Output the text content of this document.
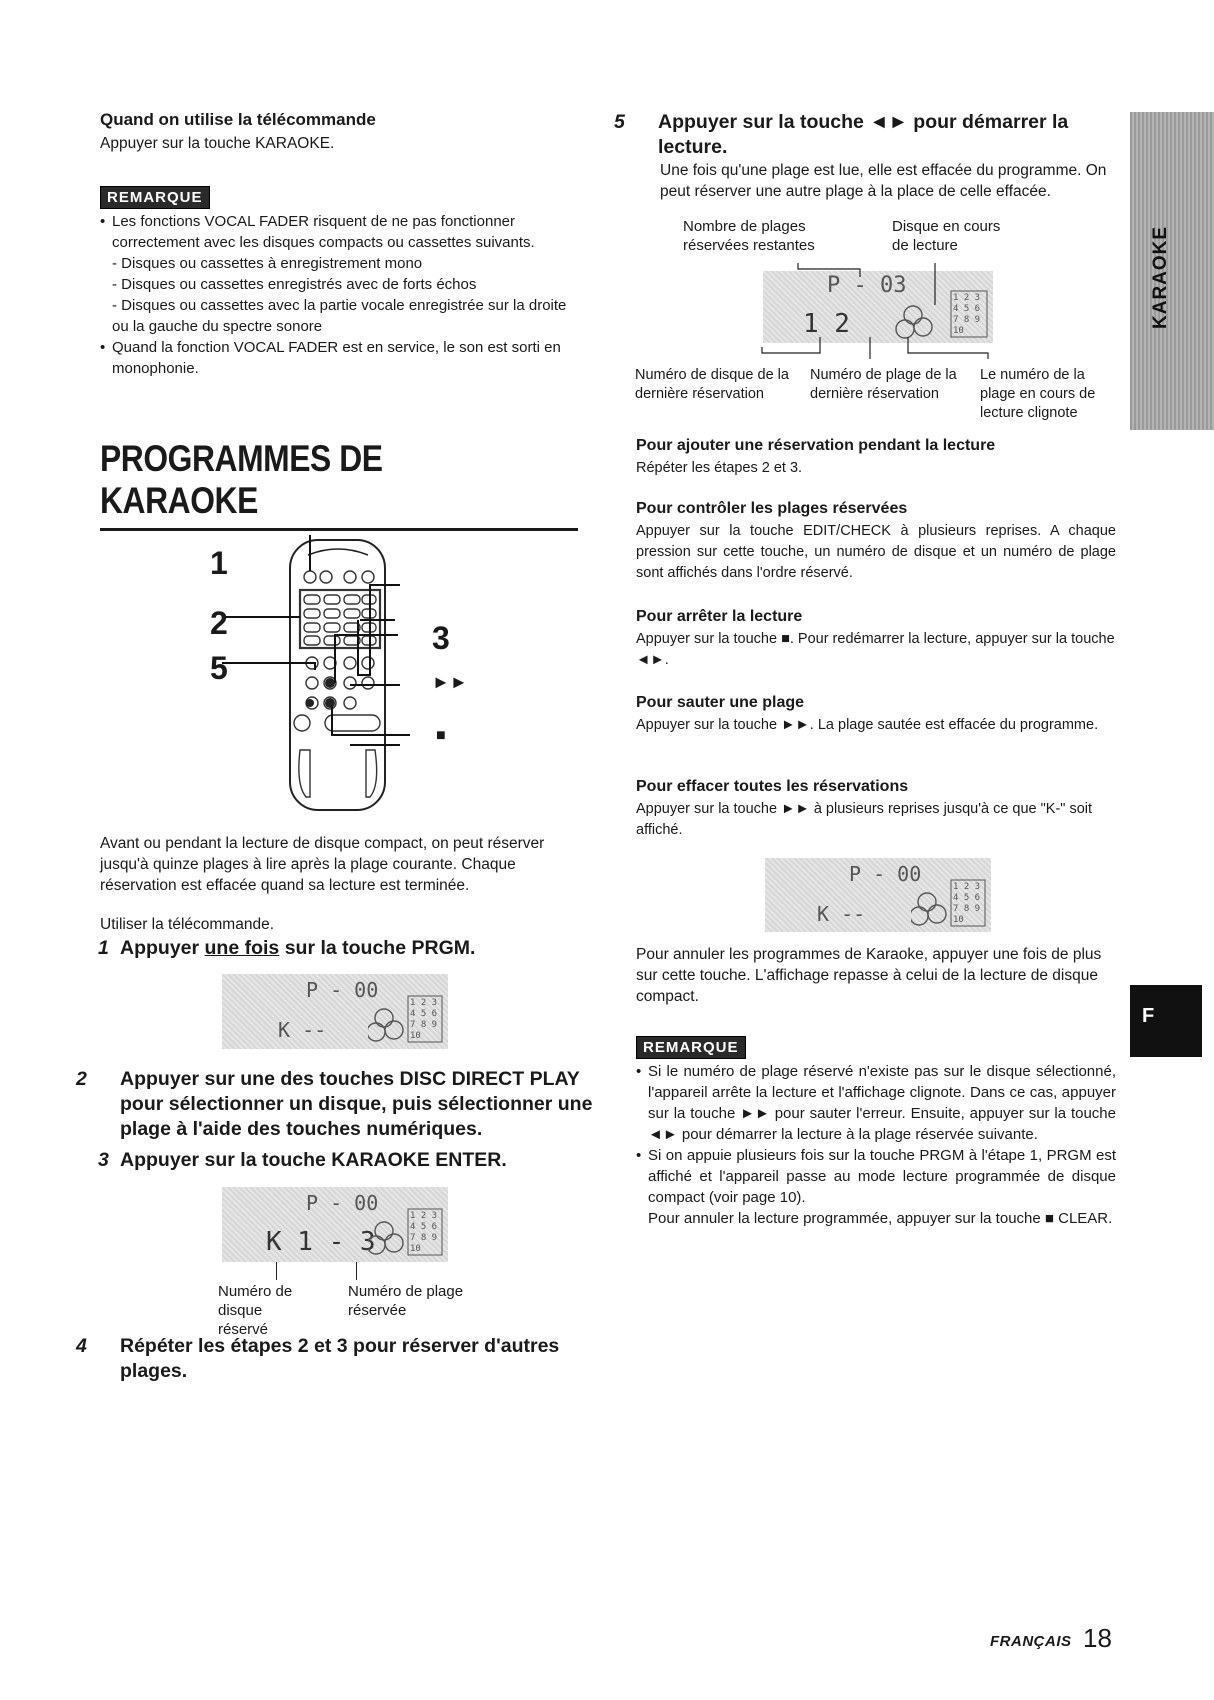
Quand on utilise la télécommande
Appuyer sur la touche KARAOKE.
REMARQUE
• Les fonctions VOCAL FADER risquent de ne pas fonctionner correctement avec les disques compacts ou cassettes suivants.
- Disques ou cassettes à enregistrement mono
- Disques ou cassettes enregistrés avec de forts échos
- Disques ou cassettes avec la partie vocale enregistrée sur la droite ou la gauche du spectre sonore
• Quand la fonction VOCAL FADER est en service, le son est sorti en monophonie.
PROGRAMMES DE KARAOKE
1
2
5
3
►►
■
Avant ou pendant la lecture de disque compact, on peut réserver jusqu'à quinze plages à lire après la plage courante. Chaque réservation est effacée quand sa lecture est terminée.
Utiliser la télécommande.
1 Appuyer une fois sur la touche PRGM.
P - 00
K --
1 2 3 4 5 6 7 8 9 10
2 Appuyer sur une des touches DISC DIRECT PLAY pour sélectionner un disque, puis sélectionner une plage à l'aide des touches numériques.
3 Appuyer sur la touche KARAOKE ENTER.
P - 00
K 1 - 3
1 2 3 4 5 6 7 8 9 10
Numéro de disque réservé
Numéro de plage réservée
4 Répéter les étapes 2 et 3 pour réserver d'autres plages.
5 Appuyer sur la touche ◄► pour démarrer la lecture.
Une fois qu'une plage est lue, elle est effacée du programme. On peut réserver une autre plage à la place de celle effacée.
Nombre de plages réservées restantes
Disque en cours de lecture
P - 03
1 2
1 2 3 4 5 6 7 8 9 10
Numéro de disque de la dernière réservation
Numéro de plage de la dernière réservation
Le numéro de la plage en cours de lecture clignote
Pour ajouter une réservation pendant la lecture
Répéter les étapes 2 et 3.
Pour contrôler les plages réservées
Appuyer sur la touche EDIT/CHECK à plusieurs reprises. A chaque pression sur cette touche, un numéro de disque et un numéro de plage sont affichés dans l'ordre réservé.
Pour arrêter la lecture
Appuyer sur la touche ■. Pour redémarrer la lecture, appuyer sur la touche ◄►.
Pour sauter une plage
Appuyer sur la touche ►►. La plage sautée est effacée du programme.
Pour effacer toutes les réservations
Appuyer sur la touche ►► à plusieurs reprises jusqu'à ce que "K-" soit affiché.
P - 00
K --
1 2 3 4 5 6 7 8 9 10
Pour annuler les programmes de Karaoke, appuyer une fois de plus sur cette touche. L'affichage repasse à celui de la lecture de disque compact.
REMARQUE
• Si le numéro de plage réservé n'existe pas sur le disque sélectionné, l'appareil arrête la lecture et l'affichage clignote. Dans ce cas, appuyer sur la touche ►► pour sauter l'erreur. Ensuite, appuyer sur la touche ◄► pour démarrer la lecture à la plage réservée suivante.
• Si on appuie plusieurs fois sur la touche PRGM à l'étape 1, PRGM est affiché et l'appareil passe au mode lecture programmée de disque compact (voir page 10).
Pour annuler la lecture programmée, appuyer sur la touche ■ CLEAR.
KARAOKE
F
FRANÇAIS 18
